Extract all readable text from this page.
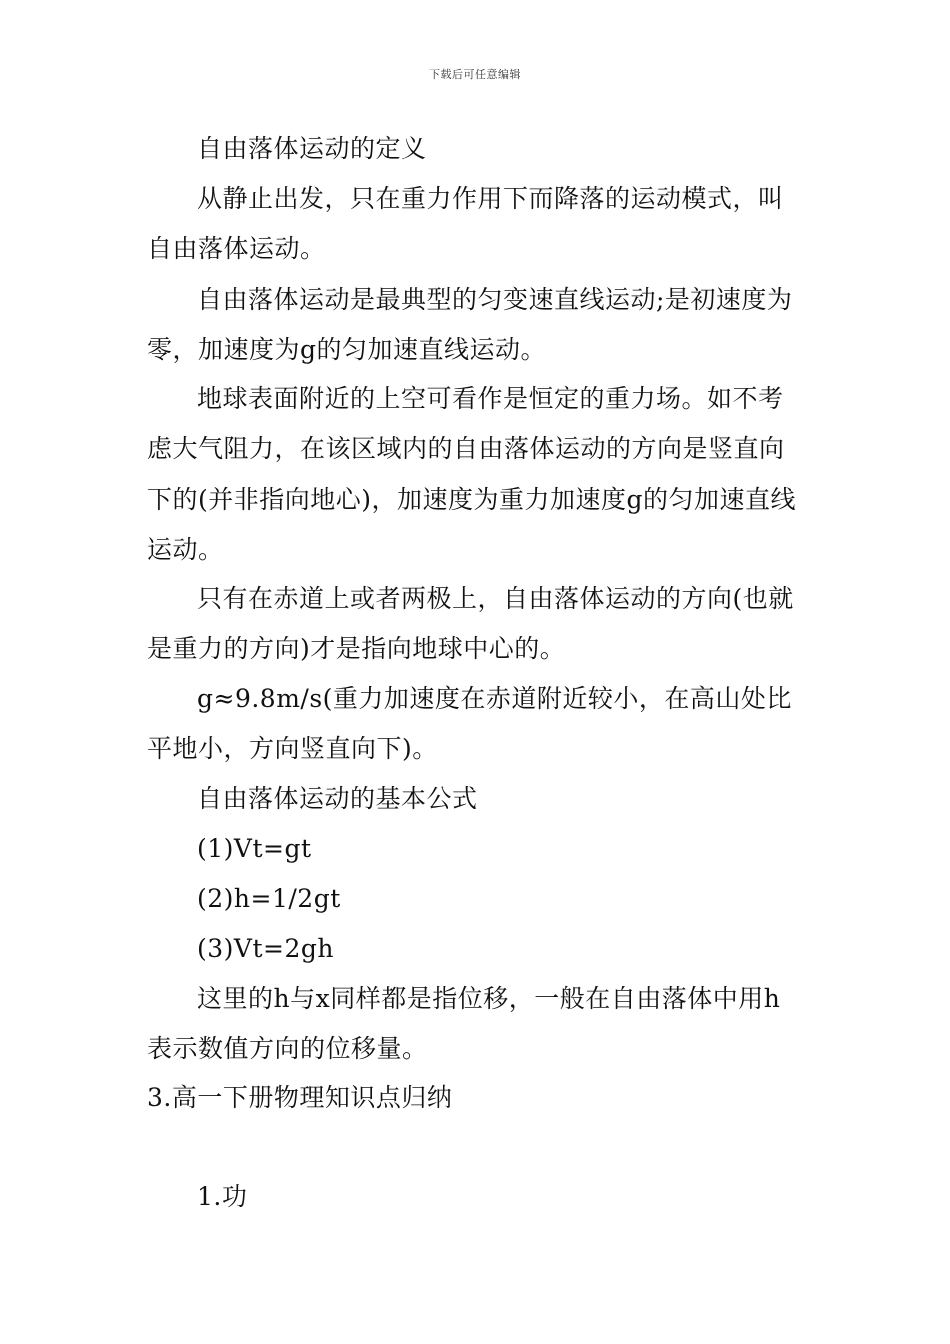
下载后可任意编辑
自由落体运动的定义
从静止出发，只在重力作用下而降落的运动模式，叫
自由落体运动。
自由落体运动是最典型的匀变速直线运动;是初速度为
零，加速度为g的匀加速直线运动。
地球表面附近的上空可看作是恒定的重力场。如不考
虑大气阻力，在该区域内的自由落体运动的方向是竖直向
下的(并非指向地心)，加速度为重力加速度g的匀加速直线
运动。
只有在赤道上或者两极上，自由落体运动的方向(也就
是重力的方向)才是指向地球中心的。
g≈9.8m/s(重力加速度在赤道附近较小，在高山处比
平地小，方向竖直向下)。
自由落体运动的基本公式
(1)Vt=gt
(2)h=1/2gt
(3)Vt=2gh
这里的h与x同样都是指位移，一般在自由落体中用h
表示数值方向的位移量。
3.高一下册物理知识点归纳
1.功
